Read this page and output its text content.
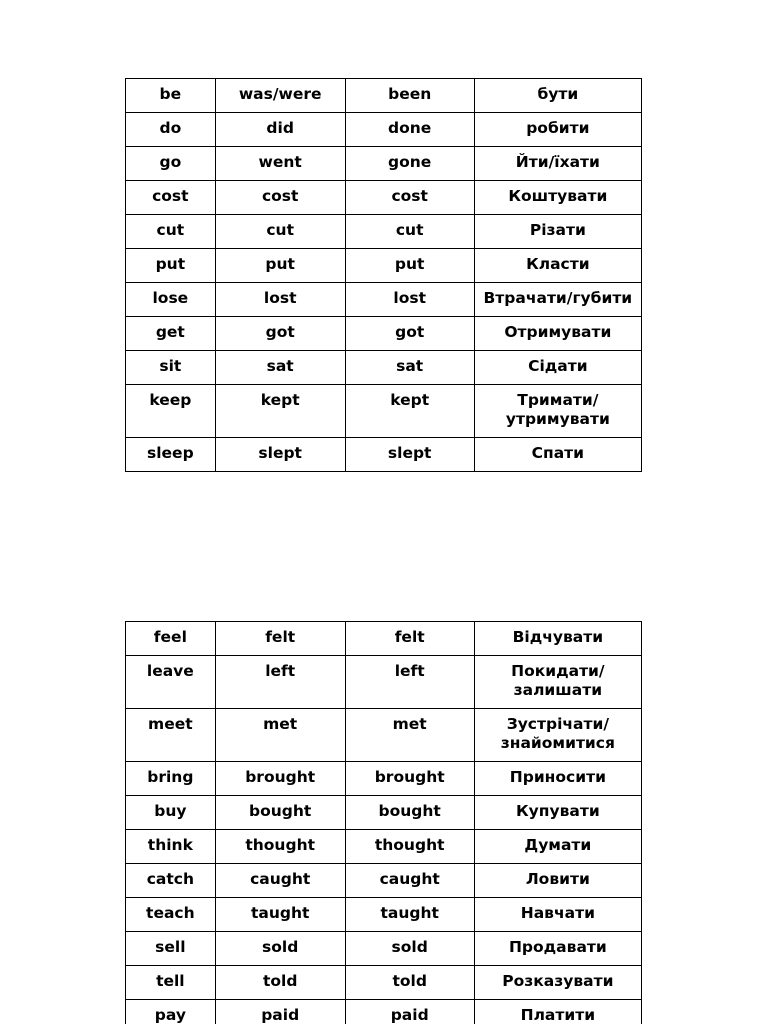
be	was/were	been	бути
do	did	done	робити
go	went	gone	Йти/їхати
cost	cost	cost	Коштувати
cut	cut	cut	Різати
put	put	put	Класти
lose	lost	lost	Втрачати/губити
get	got	got	Отримувати
sit	sat	sat	Сідати
keep	kept	kept	Тримати/ утримувати
sleep	slept	slept	Спати
feel	felt	felt	Відчувати
leave	left	left	Покидати/ залишати
meet	met	met	Зустрічати/ знайомитися
bring	brought	brought	Приносити
buy	bought	bought	Купувати
think	thought	thought	Думати
catch	caught	caught	Ловити
teach	taught	taught	Навчати
sell	sold	sold	Продавати
tell	told	told	Розказувати
pay	paid	paid	Платити
